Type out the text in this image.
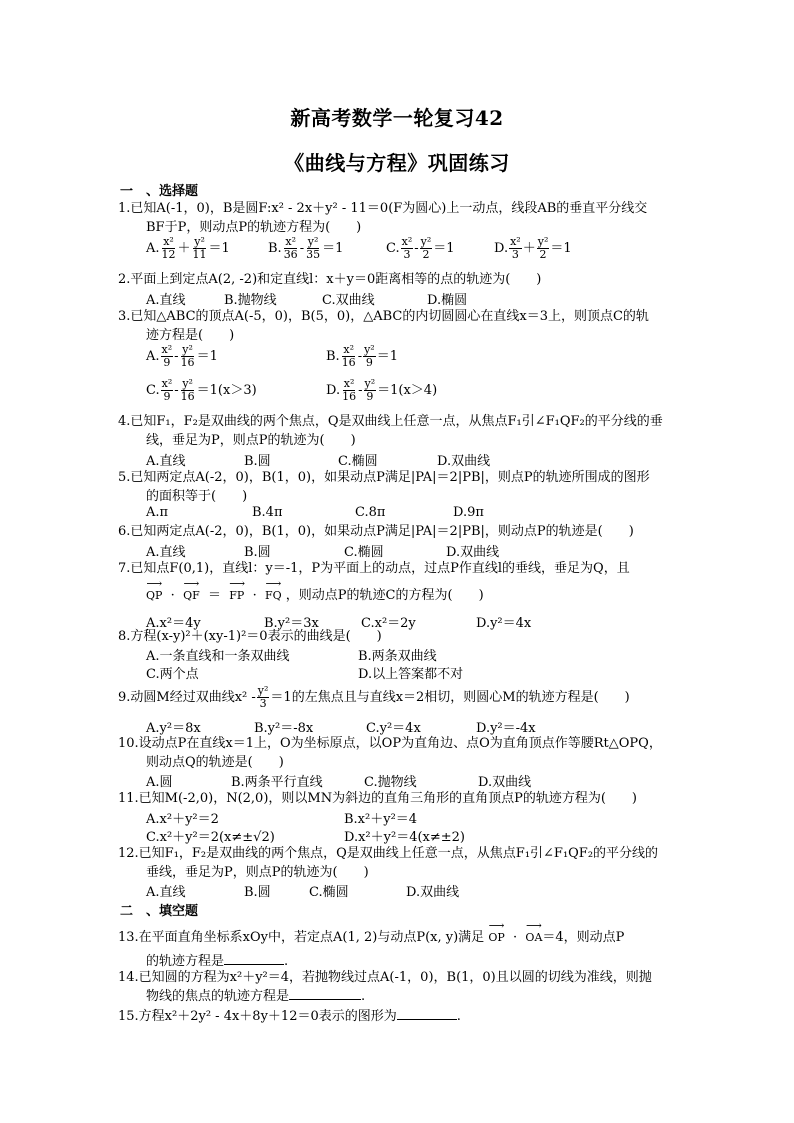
新高考数学一轮复习42
《曲线与方程》巩固练习
一　、选择题
1.已知A(-1，0)，B是圆F:x² - 2x＋y² - 11＝0(F为圆心)上一动点，线段AB的垂直平分线交
BF于P，则动点P的轨迹方程为(　　)
A. $\frac{\text{x²}}{12} + \frac{\text{y²}}{11} =1$	B. $\frac{\text{x²}}{36} - \frac{\text{y²}}{35} =1$	C. $\frac{\text{x²}}{3} - \frac{\text{y²}}{2} =1$	D. $\frac{\text{x²}}{3} + \frac{\text{y²}}{2} =1$
2.平面上到定点A(2, -2)和定直线l：x＋y＝0距离相等的点的轨迹为(　　)
A.直线	B.抛物线	C.双曲线	D.椭圆
3.已知△ABC的顶点A(-5，0)，B(5，0)，△ABC的内切圆圆心在直线x＝3上，则顶点C的轨
迹方程是(　　)
A. $\frac{\text{x²}}{9} - \frac{\text{y²}}{16} =1$	B. $\frac{\text{x²}}{16} - \frac{\text{y²}}{9} =1$
C. $\frac{\text{x²}}{9} - \frac{\text{y²}}{16} =1(x>3)$	D. $\frac{\text{x²}}{16} - \frac{\text{y²}}{9} =1(x>4)$
4.已知F₁，F₂是双曲线的两个焦点，Q是双曲线上任意一点，从焦点F₁引∠F₁QF₂的平分线的垂
线，垂足为P，则点P的轨迹为(　　)
A.直线	B.圆	C.椭圆	D.双曲线
5.已知两定点A(-2，0)，B(1，0)，如果动点P满足|PA|＝2|PB|，则点P的轨迹所围成的图形
的面积等于(　　)
A.π	B.4π	C.8π	D.9π
6.已知两定点A(-2，0)，B(1，0)，如果动点P满足|PA|＝2|PB|，则动点P的轨迹是(　　)
A.直线	B.圆	C.椭圆	D.双曲线
7.已知点F(0,1)，直线l：y＝-1，P为平面上的动点，过点P作直线l的垂线，垂足为Q，且
⟶ QP  ·  ⟶ QF  ＝  ⟶ FP  ·  ⟶ FQ ，则动点P的轨迹C的方程为(　　)
A.x²＝4y	B.y²＝3x	C.x²＝2y	D.y²＝4x
8.方程(x-y)²＋(xy-1)²＝0表示的曲线是(　　)
A.一条直线和一条双曲线	B.两条双曲线
C.两个点	D.以上答案都不对
9.动圆M经过双曲线$x^2 - \frac{\text{y²}}{3} =1$的左焦点且与直线x＝2相切，则圆心M的轨迹方程是(　　)
A.y²＝8x	B.y²＝-8x	C.y²＝4x	D.y²＝-4x
10.设动点P在直线x＝1上，O为坐标原点，以OP为直角边、点O为直角顶点作等腰Rt△OPQ，
则动点Q的轨迹是(　　)
A.圆	B.两条平行直线	C.抛物线	D.双曲线
11.已知M(-2,0)，N(2,0)，则以MN为斜边的直角三角形的直角顶点P的轨迹方程为(　　)
A.x²＋y²＝2	B.x²＋y²＝4
C.x²＋y²＝2(x≠±√2)	D.x²＋y²＝4(x≠±2)
12.已知F₁，F₂是双曲线的两个焦点，Q是双曲线上任意一点，从焦点F₁引∠F₁QF₂的平分线的
垂线，垂足为P，则点P的轨迹为(　　)
A.直线	B.圆	C.椭圆	D.双曲线
二　、填空题
13.在平面直角坐标系xOy中，若定点A(1, 2)与动点P(x, y)满足 ⟶ OP  ·  ⟶ OA＝4，则动点P
的轨迹方程是	.
14.已知圆的方程为x²＋y²＝4，若抛物线过点A(-1，0)，B(1，0)且以圆的切线为准线，则抛
物线的焦点的轨迹方程是	.
15.方程x²＋2y² - 4x＋8y＋12＝0表示的图形为	.
